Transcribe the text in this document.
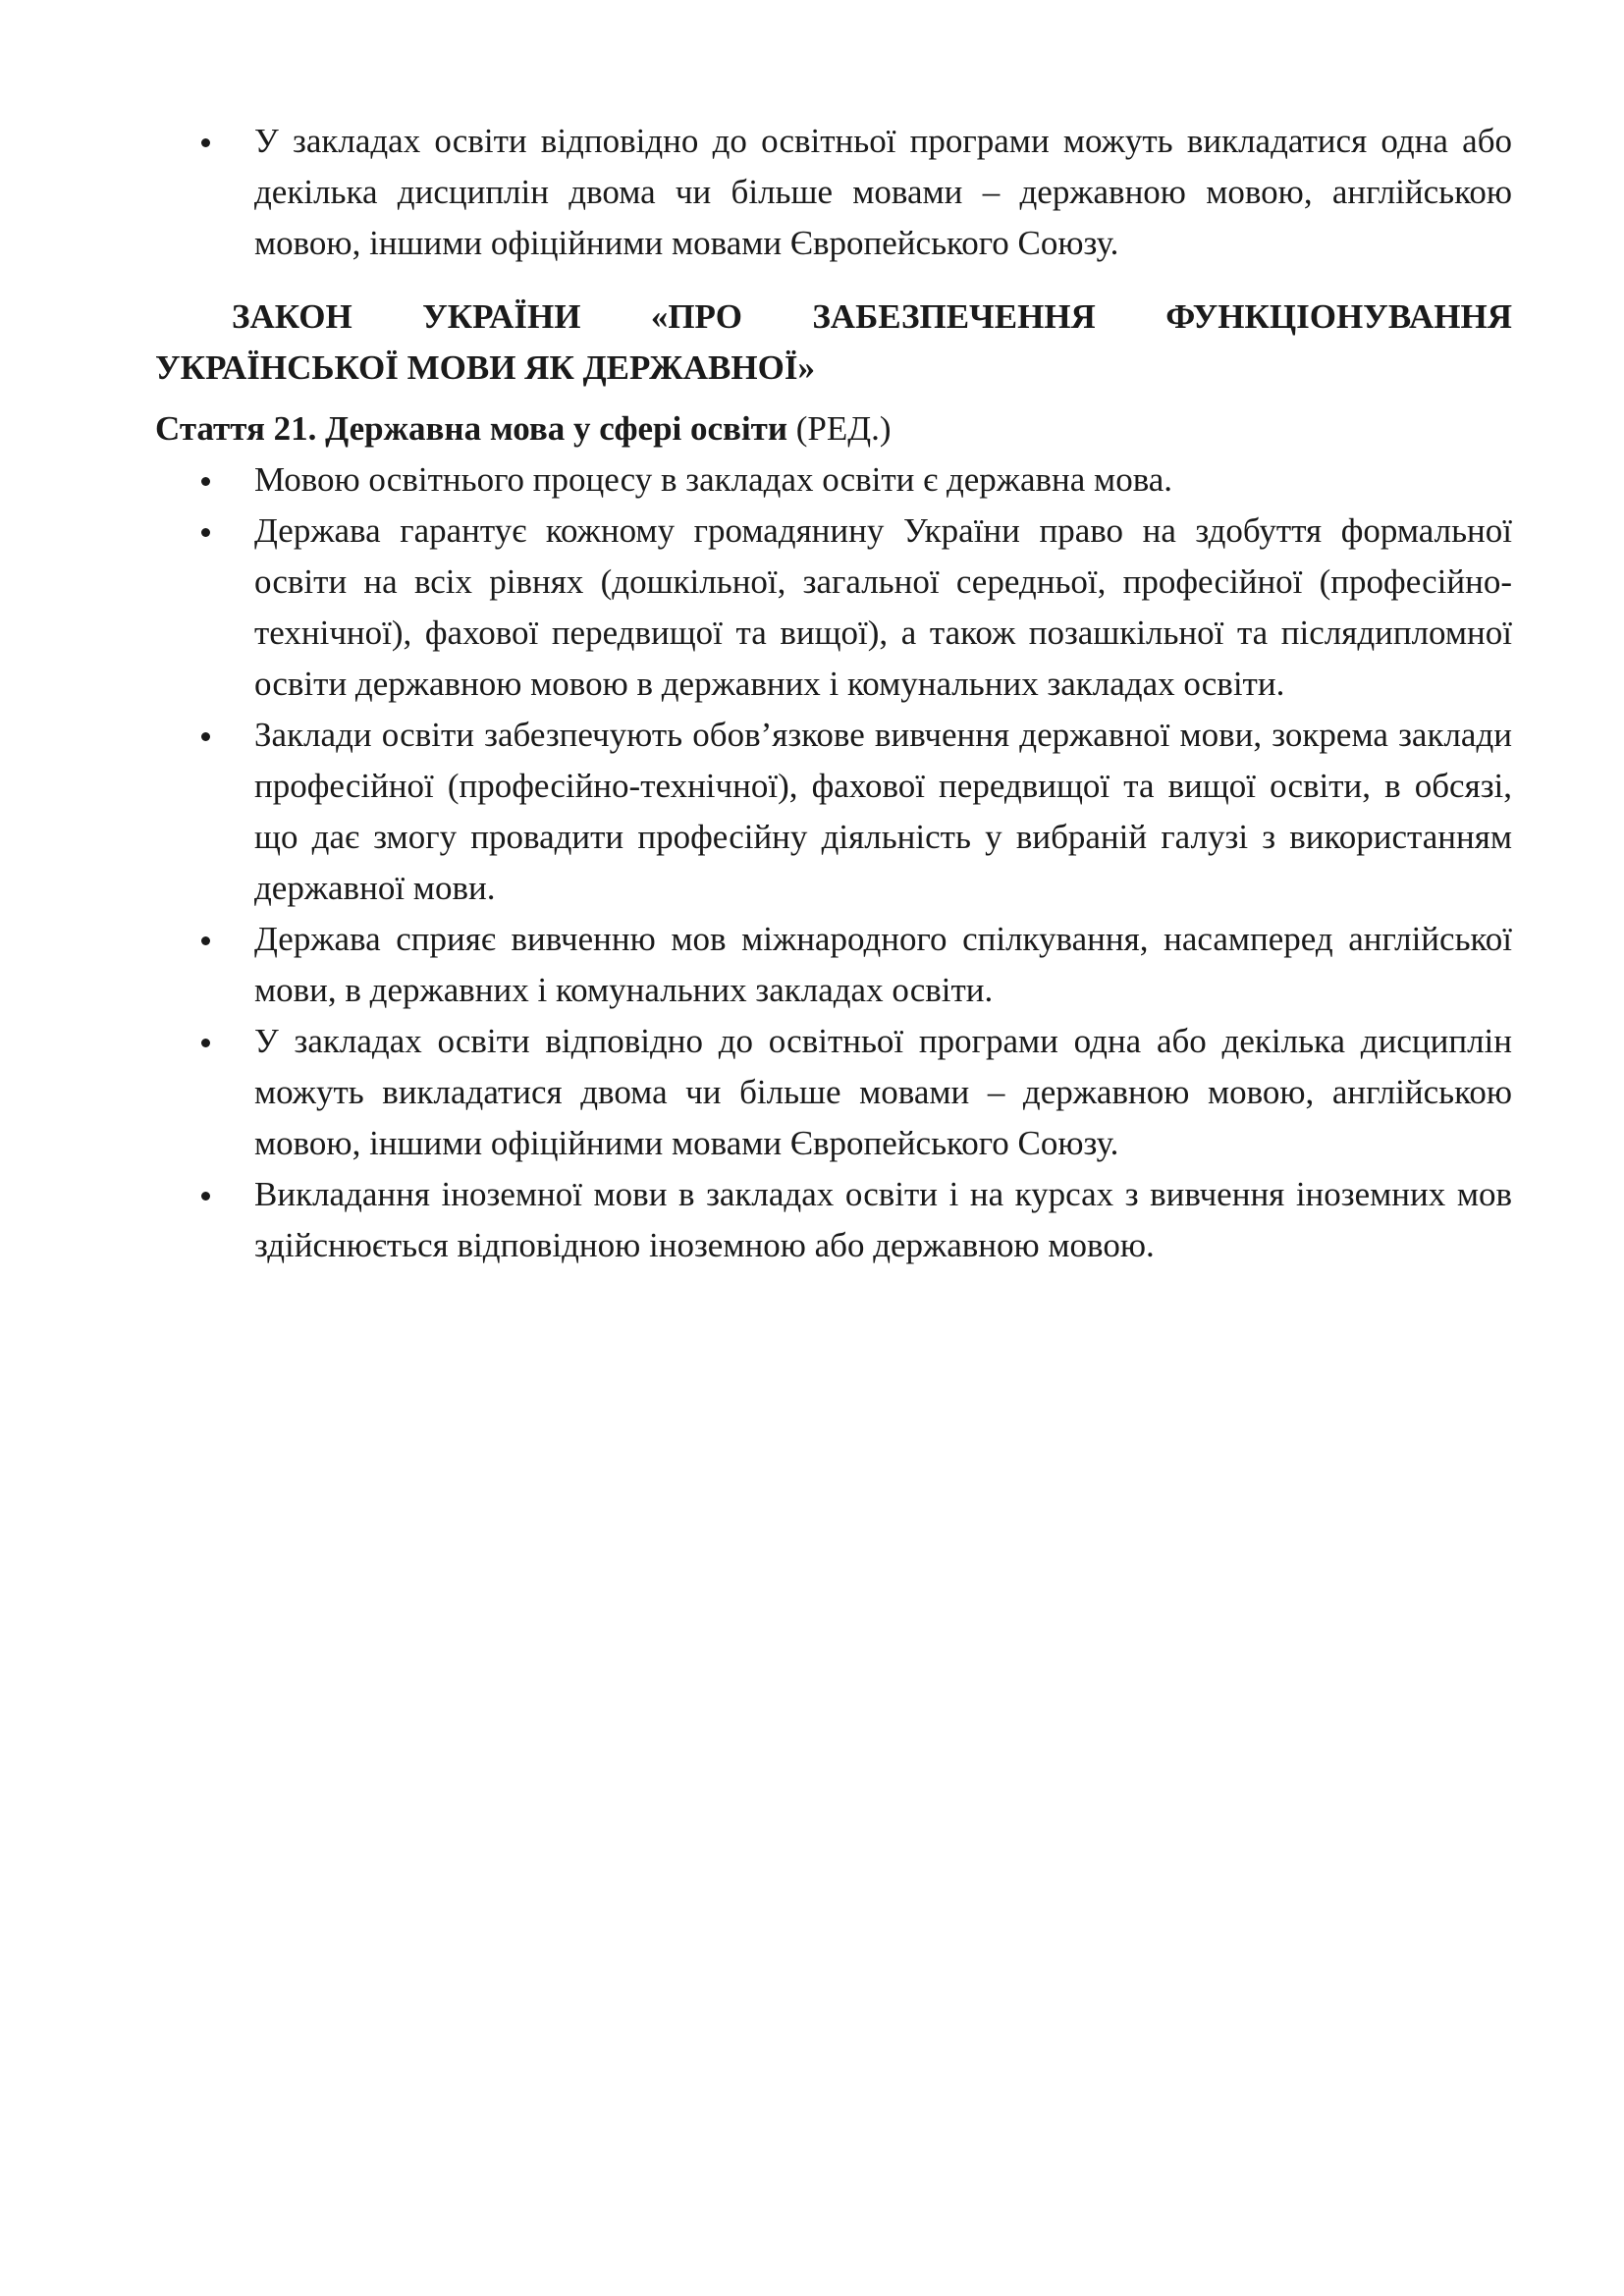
У закладах освіти відповідно до освітньої програми можуть викладатися одна або декілька дисциплін двома чи більше мовами – державною мовою, англійською мовою, іншими офіційними мовами Європейського Союзу.
ЗАКОН УКРАЇНИ «ПРО ЗАБЕЗПЕЧЕННЯ ФУНКЦІОНУВАННЯ УКРАЇНСЬКОЇ МОВИ ЯК ДЕРЖАВНОЇ»
Стаття 21. Державна мова у сфері освіти (РЕД.)
Мовою освітнього процесу в закладах освіти є державна мова.
Держава гарантує кожному громадянину України право на здобуття формальної освіти на всіх рівнях (дошкільної, загальної середньої, професійної (професійно-технічної), фахової передвищої та вищої), а також позашкільної та післядипломної освіти державною мовою в державних і комунальних закладах освіти.
Заклади освіти забезпечують обов’язкове вивчення державної мови, зокрема заклади професійної (професійно-технічної), фахової передвищої та вищої освіти, в обсязі, що дає змогу провадити професійну діяльність у вибраній галузі з використанням державної мови.
Держава сприяє вивченню мов міжнародного спілкування, насамперед англійської мови, в державних і комунальних закладах освіти.
У закладах освіти відповідно до освітньої програми одна або декілька дисциплін можуть викладатися двома чи більше мовами – державною мовою, англійською мовою, іншими офіційними мовами Європейського Союзу.
Викладання іноземної мови в закладах освіти і на курсах з вивчення іноземних мов здійснюється відповідною іноземною або державною мовою.
